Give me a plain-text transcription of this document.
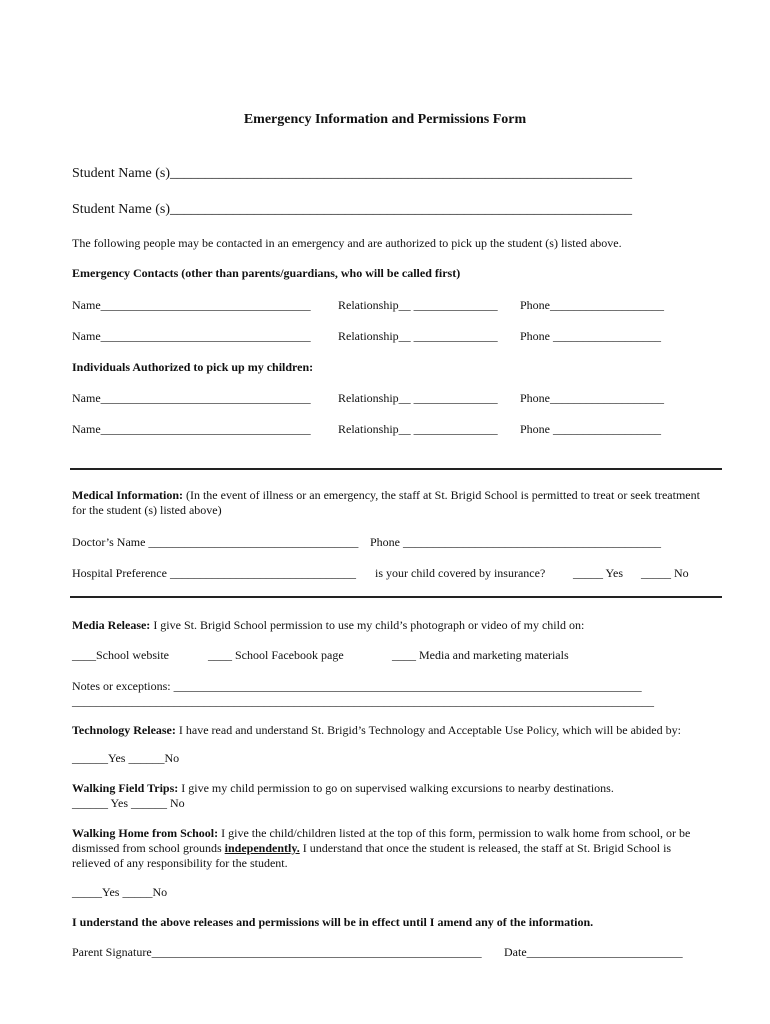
Emergency Information and Permissions Form
Student Name (s)__________________________________________________________________
Student Name (s)__________________________________________________________________
The following people may be contacted in an emergency and are authorized to pick up the student (s) listed above.
Emergency Contacts (other than parents/guardians, who will be called first)
Name___________________________________ Relationship__ ______________ Phone___________________
Name___________________________________ Relationship__ ______________ Phone __________________
Individuals Authorized to pick up my children:
Name___________________________________ Relationship__ ______________ Phone___________________
Name___________________________________ Relationship__ ______________ Phone __________________
Medical Information: (In the event of illness or an emergency, the staff at St. Brigid School is permitted to treat or seek treatment for the student (s) listed above)
Doctor’s Name ___________________________________ Phone ___________________________________________
Hospital Preference _______________________________ is your child covered by insurance? _____ Yes _____ No
Media Release: I give St. Brigid School permission to use my child’s photograph or video of my child on:
____School website	____ School Facebook page	____ Media and marketing materials
Notes or exceptions: ______________________________________________________________________________
_________________________________________________________________________________________________
Technology Release: I have read and understand St. Brigid’s Technology and Acceptable Use Policy, which will be abided by:
______Yes ______No
Walking Field Trips: I give my child permission to go on supervised walking excursions to nearby destinations.
______ Yes ______ No
Walking Home from School: I give the child/children listed at the top of this form, permission to walk home from school, or be dismissed from school grounds independently. I understand that once the student is released, the staff at St. Brigid School is relieved of any responsibility for the student.
_____Yes _____No
I understand the above releases and permissions will be in effect until I amend any of the information.
Parent Signature_______________________________________________________ Date__________________________
